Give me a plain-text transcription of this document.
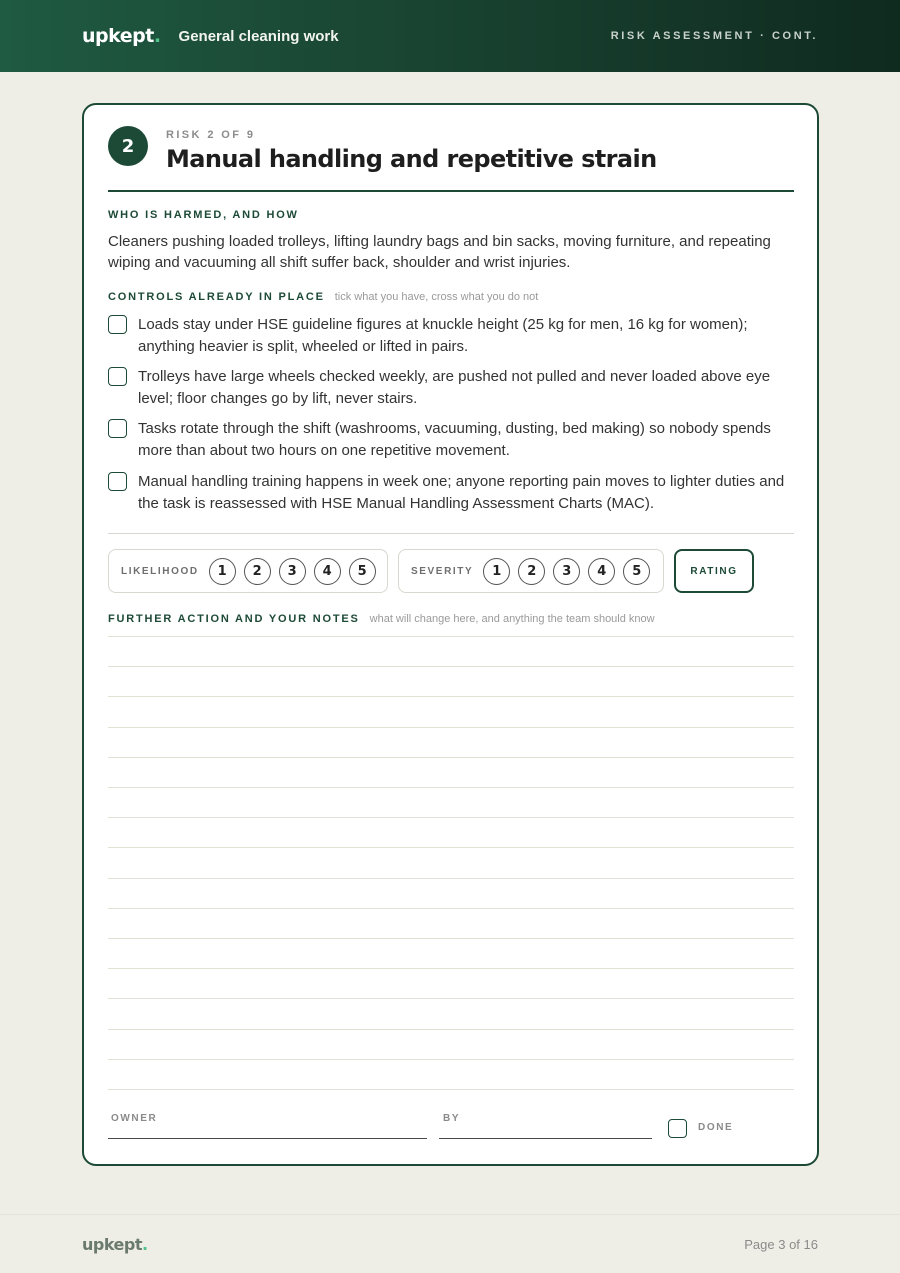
upkept. General cleaning work	RISK ASSESSMENT · CONT.
2
RISK 2 OF 9
Manual handling and repetitive strain
WHO IS HARMED, AND HOW
Cleaners pushing loaded trolleys, lifting laundry bags and bin sacks, moving furniture, and repeating wiping and vacuuming all shift suffer back, shoulder and wrist injuries.
CONTROLS ALREADY IN PLACE tick what you have, cross what you do not
Loads stay under HSE guideline figures at knuckle height (25 kg for men, 16 kg for women); anything heavier is split, wheeled or lifted in pairs.
Trolleys have large wheels checked weekly, are pushed not pulled and never loaded above eye level; floor changes go by lift, never stairs.
Tasks rotate through the shift (washrooms, vacuuming, dusting, bed making) so nobody spends more than about two hours on one repetitive movement.
Manual handling training happens in week one; anyone reporting pain moves to lighter duties and the task is reassessed with HSE Manual Handling Assessment Charts (MAC).
LIKELIHOOD	1	2	3	4	5	SEVERITY	1	2	3	4	5	RATING
FURTHER ACTION AND YOUR NOTES what will change here, and anything the team should know
OWNER	BY
DONE
upkept.	Page 3 of 16
